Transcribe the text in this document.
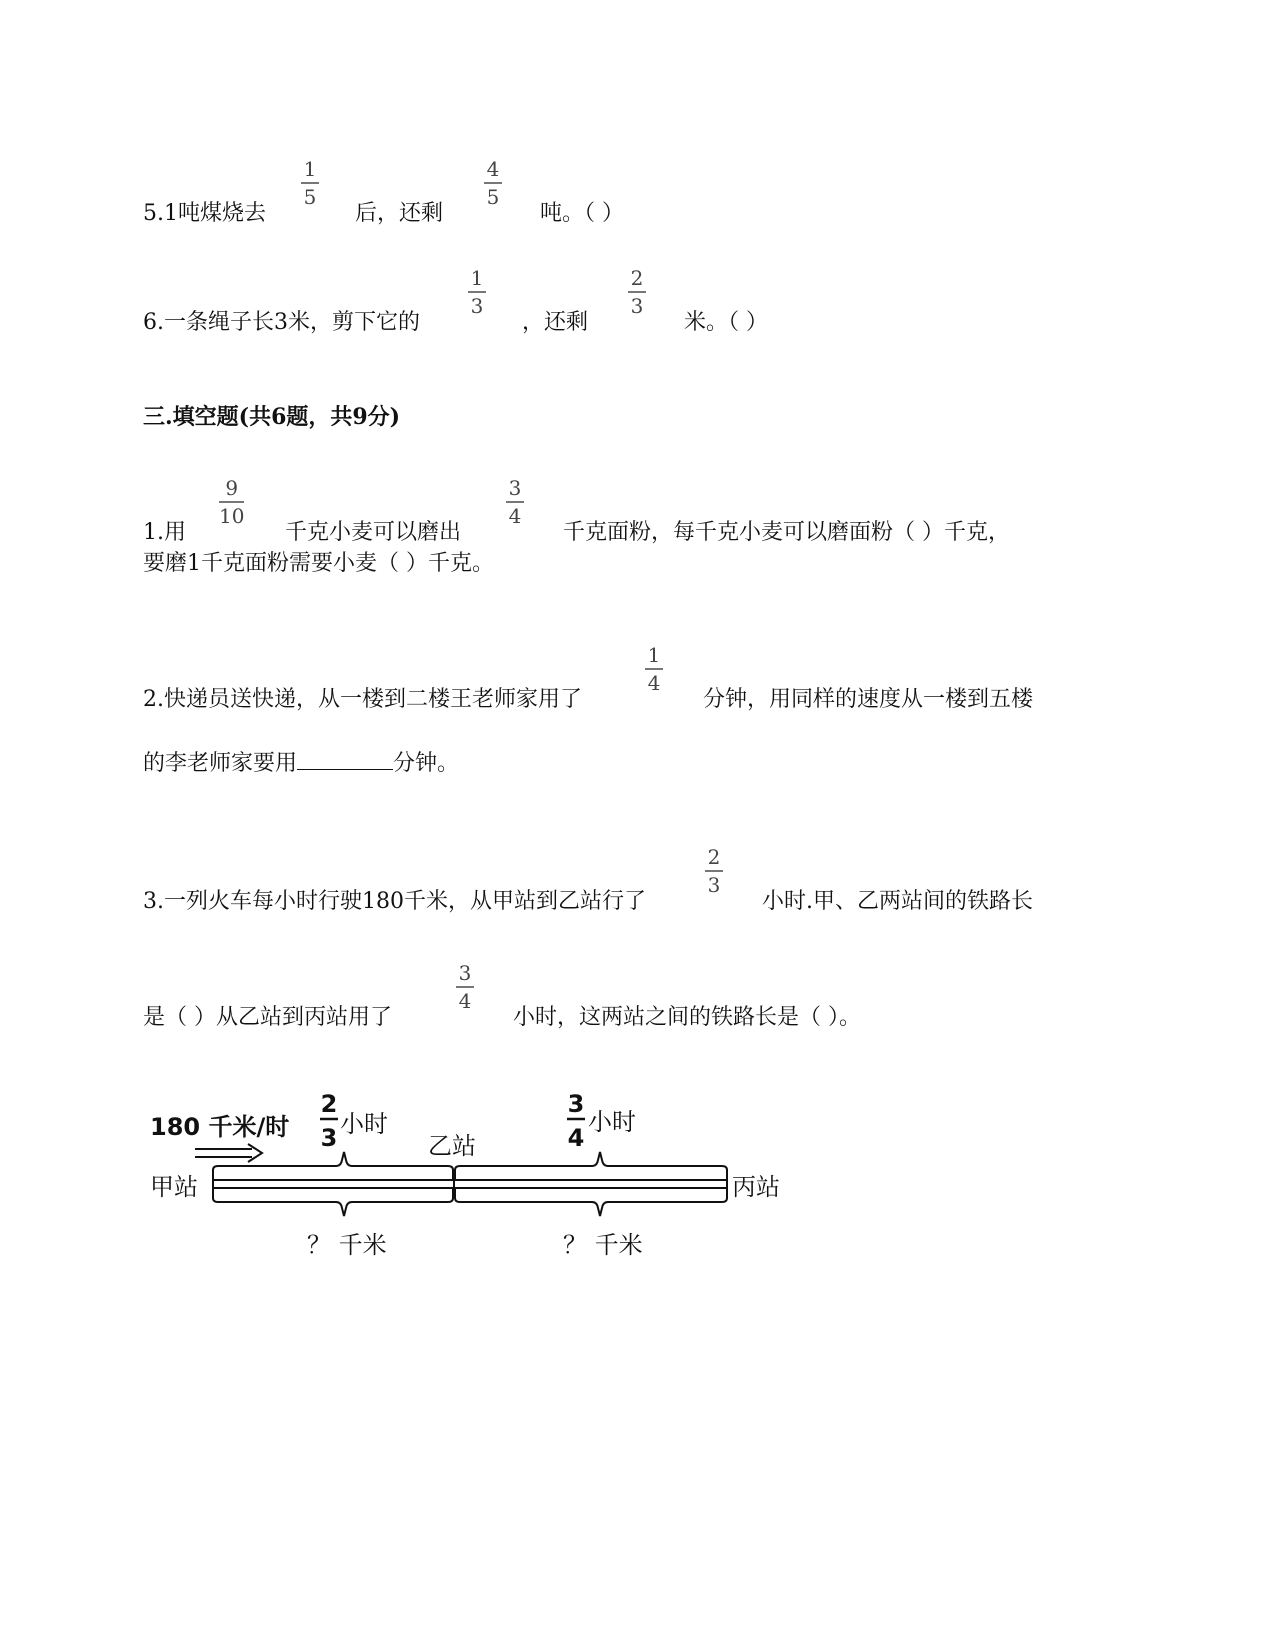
5.1吨煤烧去
1
5
后，还剩
4
5
吨。（ ）
6.一条绳子长3米，剪下它的
1
3
，还剩
2
3
米。（ ）
三.填空题(共6题，共9分)
1.用
9
10
千克小麦可以磨出
3
4
千克面粉，每千克小麦可以磨面粉（ ）千克，
要磨1千克面粉需要小麦（ ）千克。
2.快递员送快递，从一楼到二楼王老师家用了
1
4
分钟，用同样的速度从一楼到五楼
的李老师家要用	分钟。
3.一列火车每小时行驶180千米，从甲站到乙站行了
2
3
小时.甲、乙两站间的铁路长
是（ ）从乙站到丙站用了
3
4
小时，这两站之间的铁路长是（ ）。
180 千米/时
2
3 小时
乙站
3
4
小时
甲站	丙站
？ 千米	？ 千米
